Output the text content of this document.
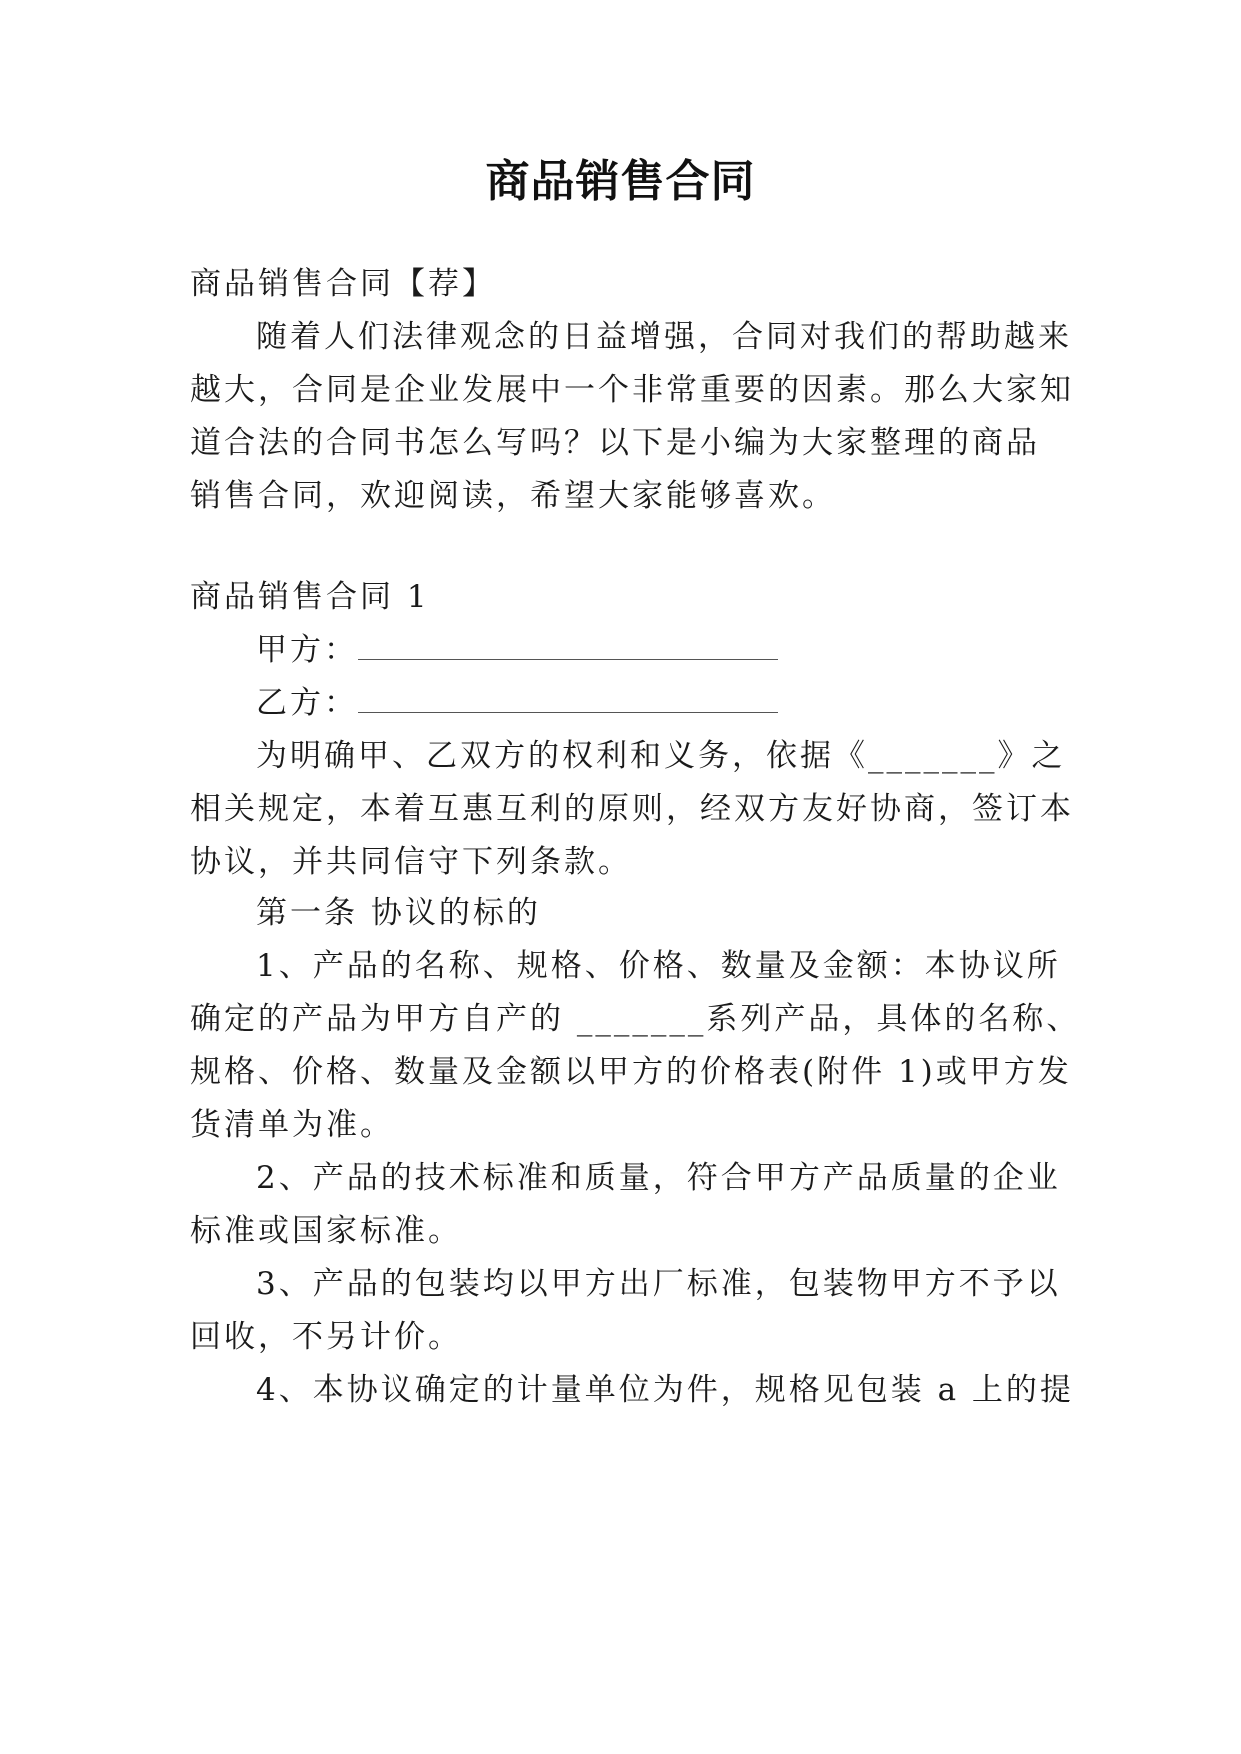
商品销售合同
商品销售合同【荐】
随着人们法律观念的日益增强，合同对我们的帮助越来
越大，合同是企业发展中一个非常重要的因素。那么大家知
道合法的合同书怎么写吗？以下是小编为大家整理的商品
销售合同，欢迎阅读，希望大家能够喜欢。
商品销售合同 1
甲方：
乙方：
为明确甲、乙双方的权利和义务，依据《_______》之
相关规定，本着互惠互利的原则，经双方友好协商，签订本
协议，并共同信守下列条款。
第一条 协议的标的
1、产品的名称、规格、价格、数量及金额：本协议所
确定的产品为甲方自产的 _______系列产品，具体的名称、
规格、价格、数量及金额以甲方的价格表(附件 1)或甲方发
货清单为准。
2、产品的技术标准和质量，符合甲方产品质量的企业
标准或国家标准。
3、产品的包装均以甲方出厂标准，包装物甲方不予以
回收，不另计价。
4、本协议确定的计量单位为件，规格见包装 a 上的提
